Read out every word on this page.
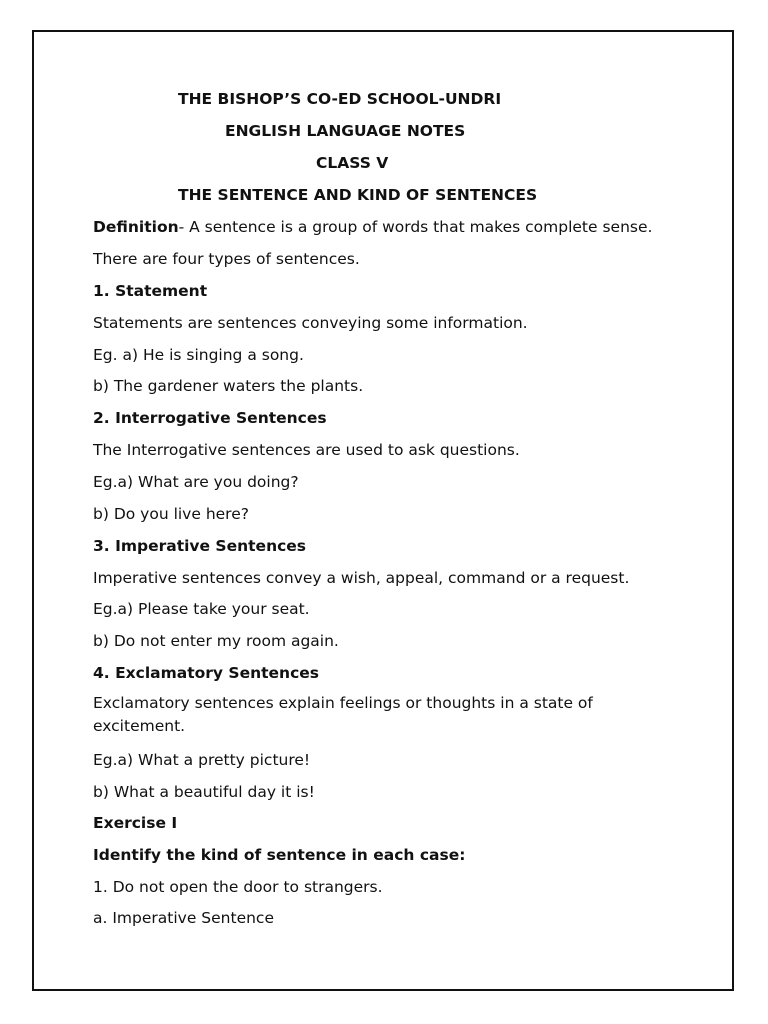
THE BISHOP’S CO-ED SCHOOL-UNDRI

ENGLISH LANGUAGE NOTES

CLASS V

THE SENTENCE AND KIND OF SENTENCES

Definition- A sentence is a group of words that makes complete sense.

There are four types of sentences.

1. Statement

Statements are sentences conveying some information.

Eg. a) He is singing a song.

b) The gardener waters the plants.

2. Interrogative Sentences

The Interrogative sentences are used to ask questions.

Eg.a) What are you doing?

b) Do you live here?

3. Imperative Sentences

Imperative sentences convey a wish, appeal, command or a request.

Eg.a) Please take your seat.

b) Do not enter my room again.

4. Exclamatory Sentences

Exclamatory sentences explain feelings or thoughts in a state of excitement.

Eg.a) What a pretty picture!

b) What a beautiful day it is!

Exercise I

Identify the kind of sentence in each case:

1. Do not open the door to strangers.

a. Imperative Sentence
